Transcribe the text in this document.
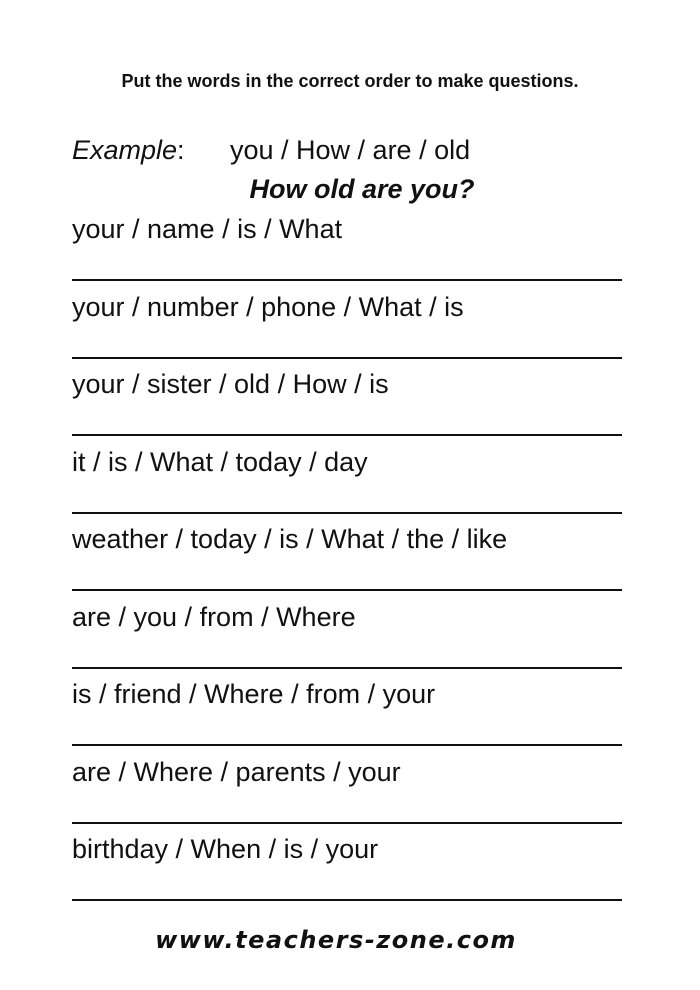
Put the words in the correct order to make questions.
Example: you / How / are / old
How old are you?
your / name / is / What
your / number / phone / What / is
your / sister / old / How / is
it / is / What / today / day
weather / today / is / What / the / like
are / you / from / Where
is / friend / Where / from / your
are / Where / parents / your
birthday / When / is / your
www.teachers-zone.com
